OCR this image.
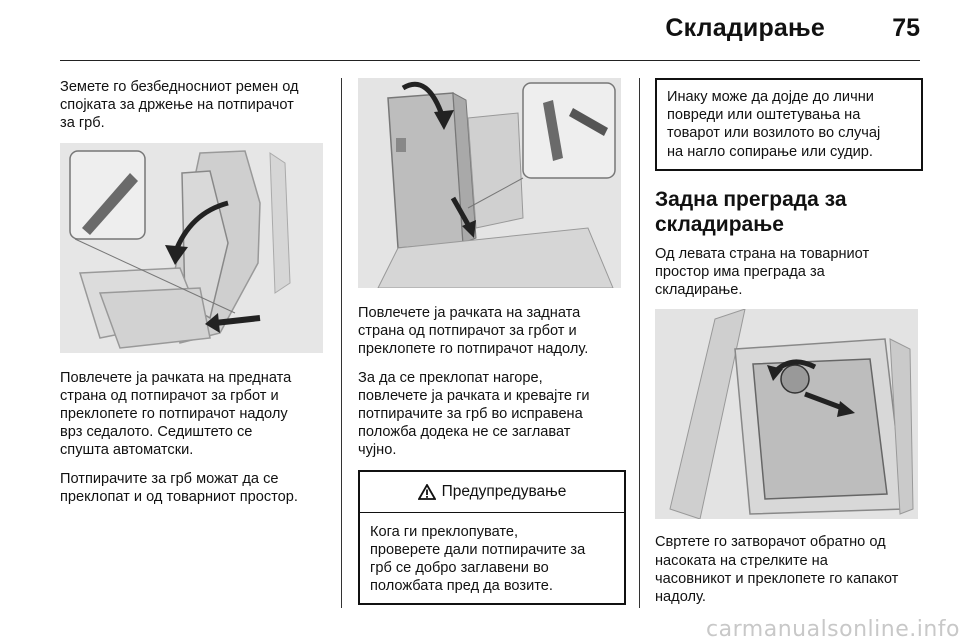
Складирање	75

Земете го безбедносниот ремен од
спојката за држење на потпирачот
за грб.

Повлечете ја рачката на предната
страна од потпирачот за грбот и
преклопете го потпирачот надолу
врз седалото. Седиштето се
спушта автоматски.

Потпирачите за грб можат да се
преклопат и од товарниот простор.

Повлечете ја рачката на задната
страна од потпирачот за грбот и
преклопете го потпирачот надолу.

За да се преклопат нагоре,
повлечете ја рачката и кревајте ги
потпирачите за грб во исправена
положба додека не се заглават
чујно.

Предупредување
Кога ги преклопувате,
проверете дали потпирачите за
грб се добро заглавени во
положбата пред да возите.
Инаку може да дојде до лични
повреди или оштетувања на
товарот или возилото во случај
на нагло сопирање или судир.
Задна преграда за
складирање

Од левата страна на товарниот
простор има преграда за
складирање.

Свртете го затворачот обратно од
насоката на стрелките на
часовникот и преклопете го капакот
надолу.

carmanualsonline.info
